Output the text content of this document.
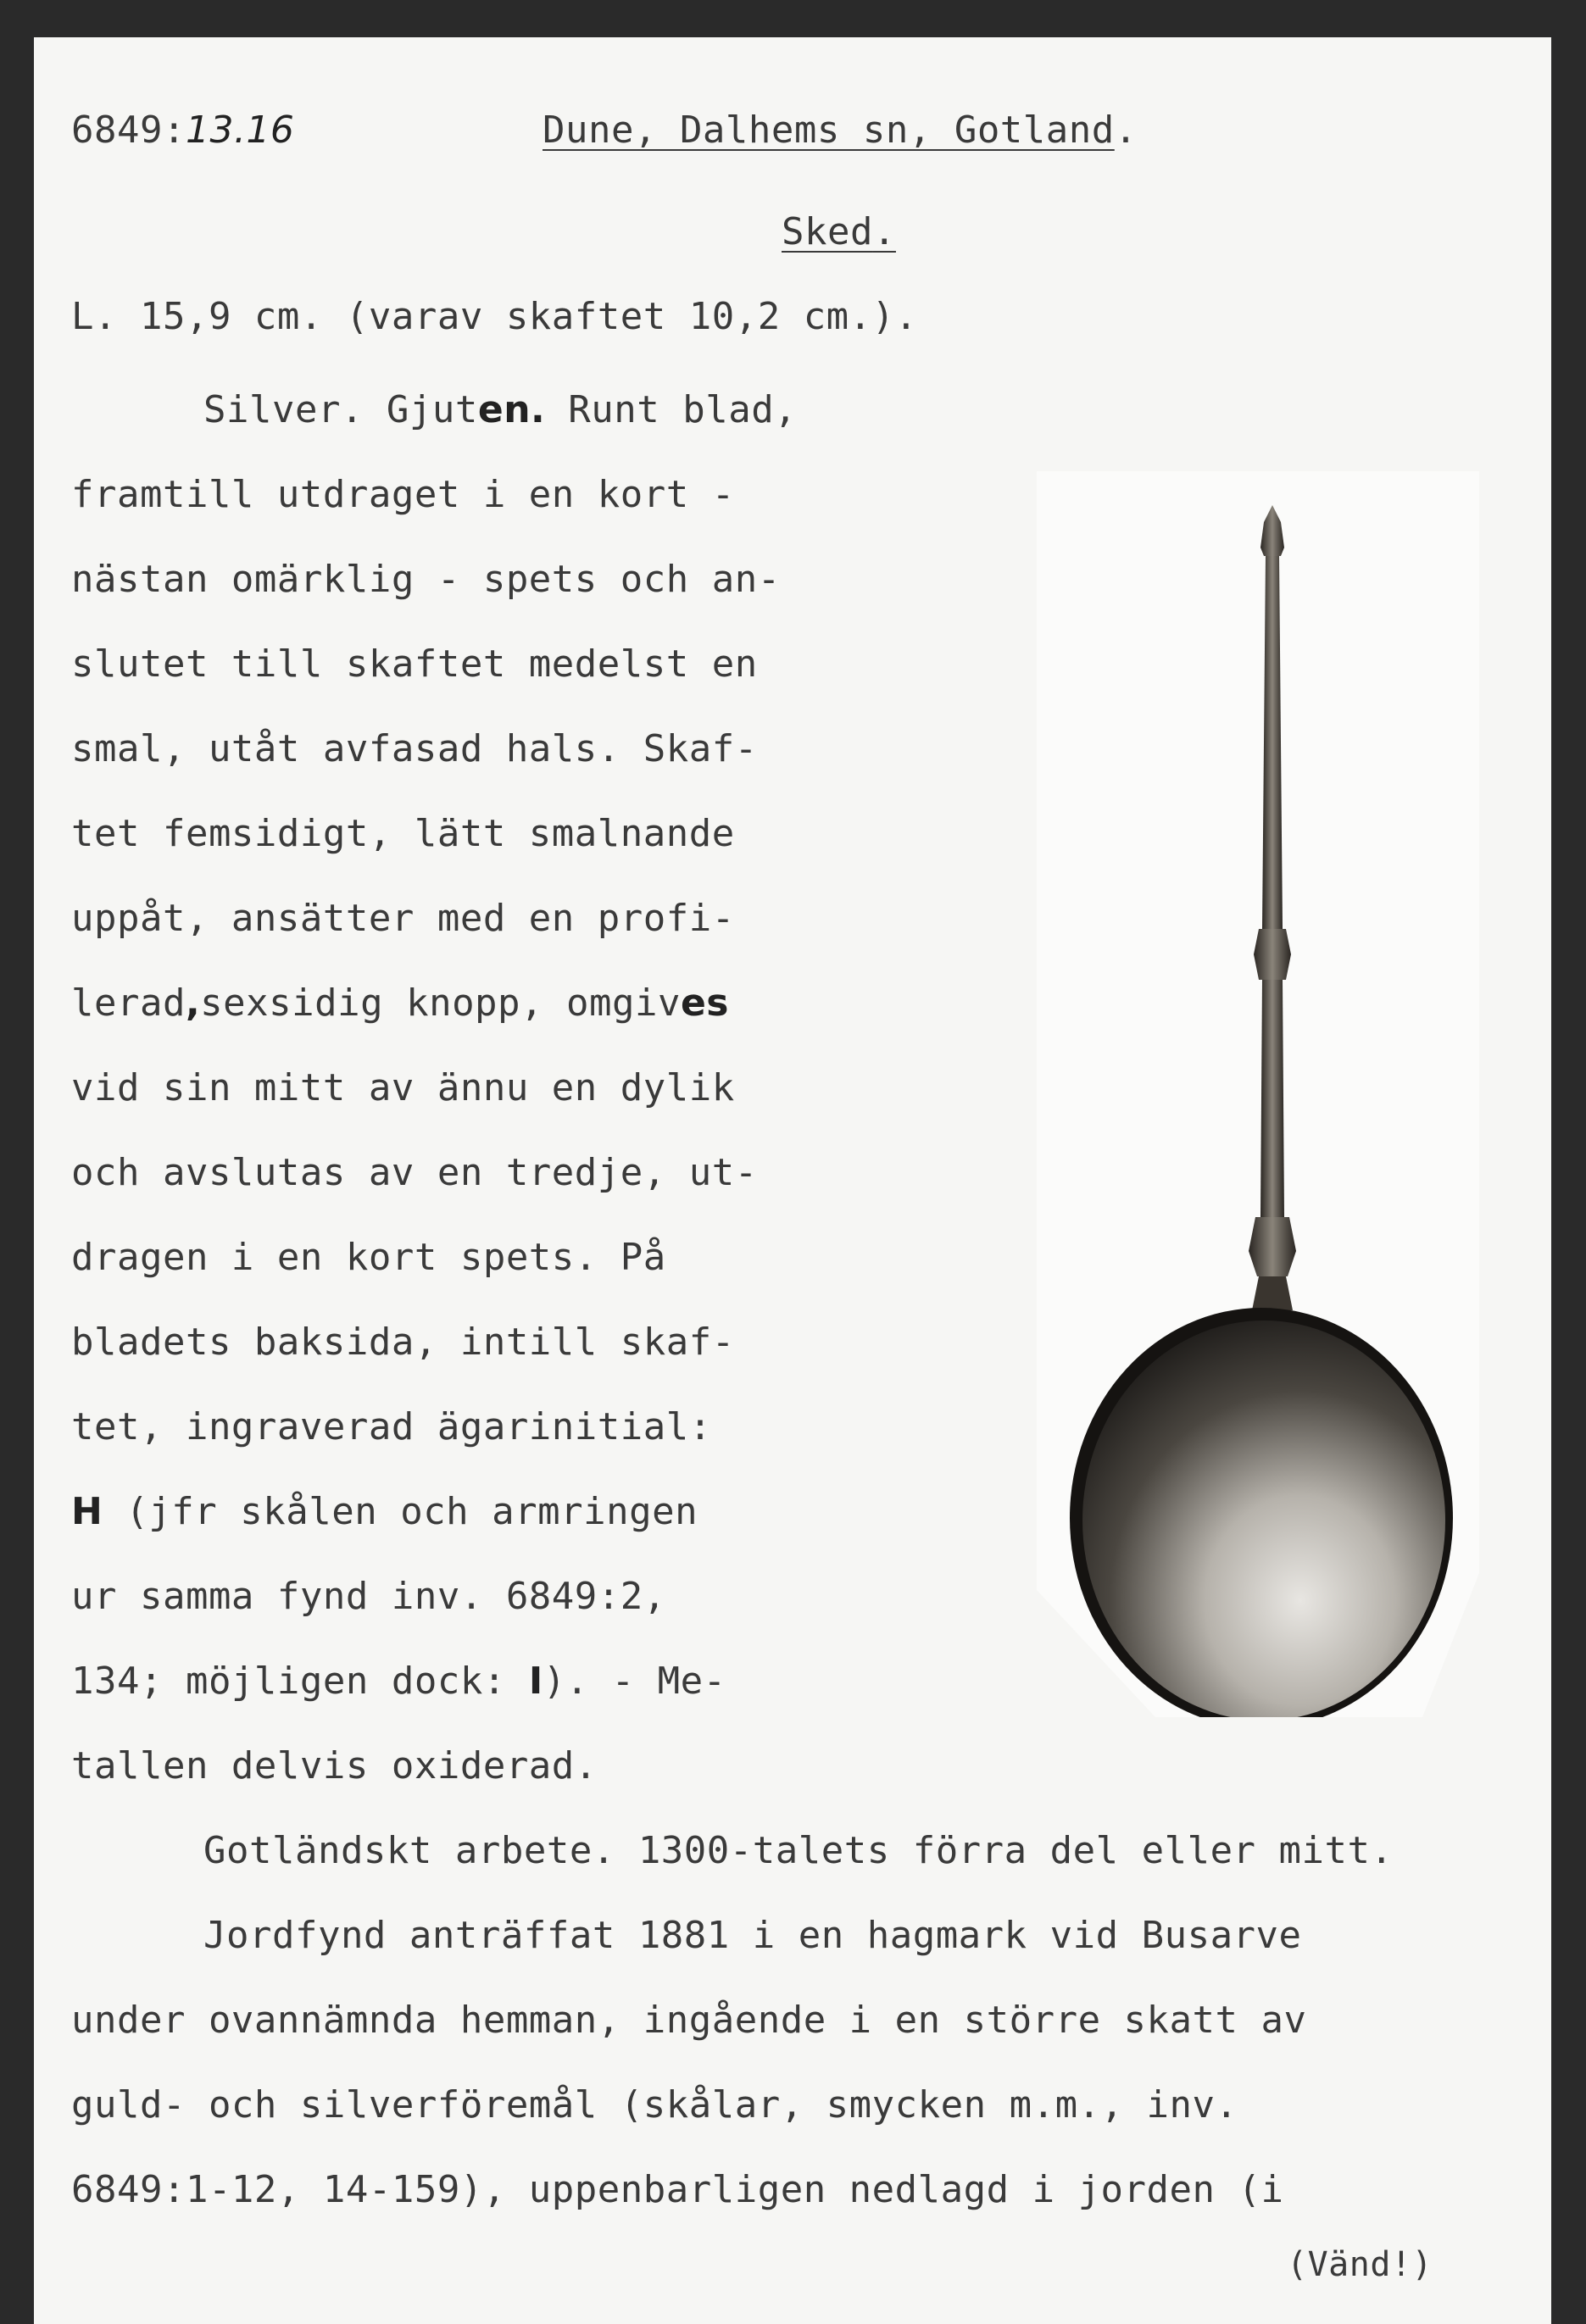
6849:13.16	Dune, Dalhems sn, Gotland.
Sked.
L. 15,9 cm. (varav skaftet 10,2 cm.).
Silver. Gjuten. Runt blad,
framtill utdraget i en kort -
nästan omärklig - spets och an-
slutet till skaftet medelst en
smal, utåt avfasad hals. Skaf-
tet femsidigt, lätt smalnande
uppåt, ansätter med en profi-
lerad,sexsidig knopp, omgives
vid sin mitt av ännu en dylik
och avslutas av en tredje, ut-
dragen i en kort spets. På
bladets baksida, intill skaf-
tet, ingraverad ägarinitial:
H (jfr skålen och armringen
ur samma fynd inv. 6849:2,
134; möjligen dock: I). - Me-
tallen delvis oxiderad.
Gotländskt arbete. 1300-talets förra del eller mitt.
Jordfynd anträffat 1881 i en hagmark vid Busarve
under ovannämnda hemman, ingående i en större skatt av
guld- och silverföremål (skålar, smycken m.m., inv.
6849:1-12, 14-159), uppenbarligen nedlagd i jorden (i
(Vänd!)
